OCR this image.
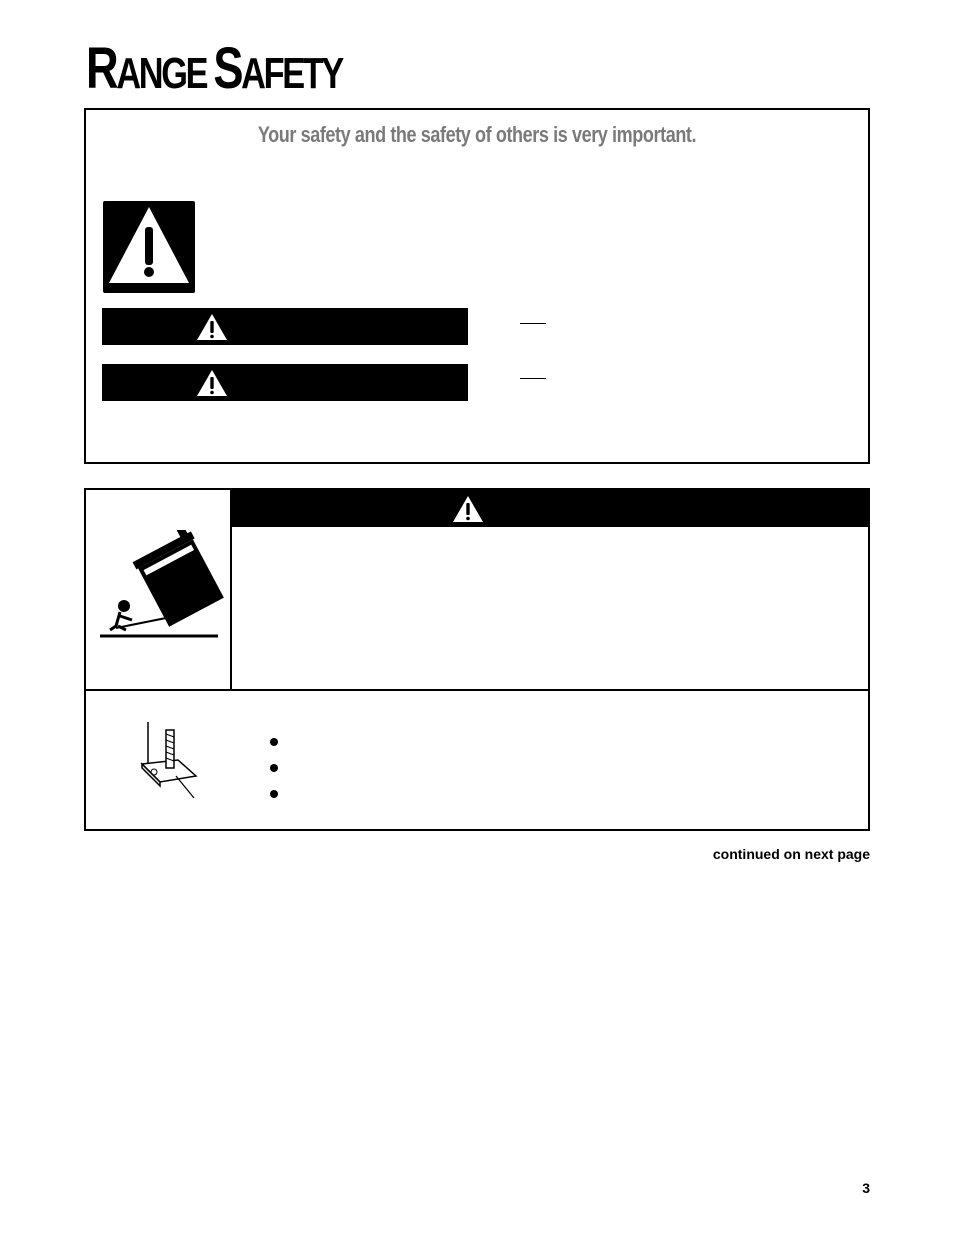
RANGE SAFETY
Your safety and the safety of others is very important.
continued on next page
3
